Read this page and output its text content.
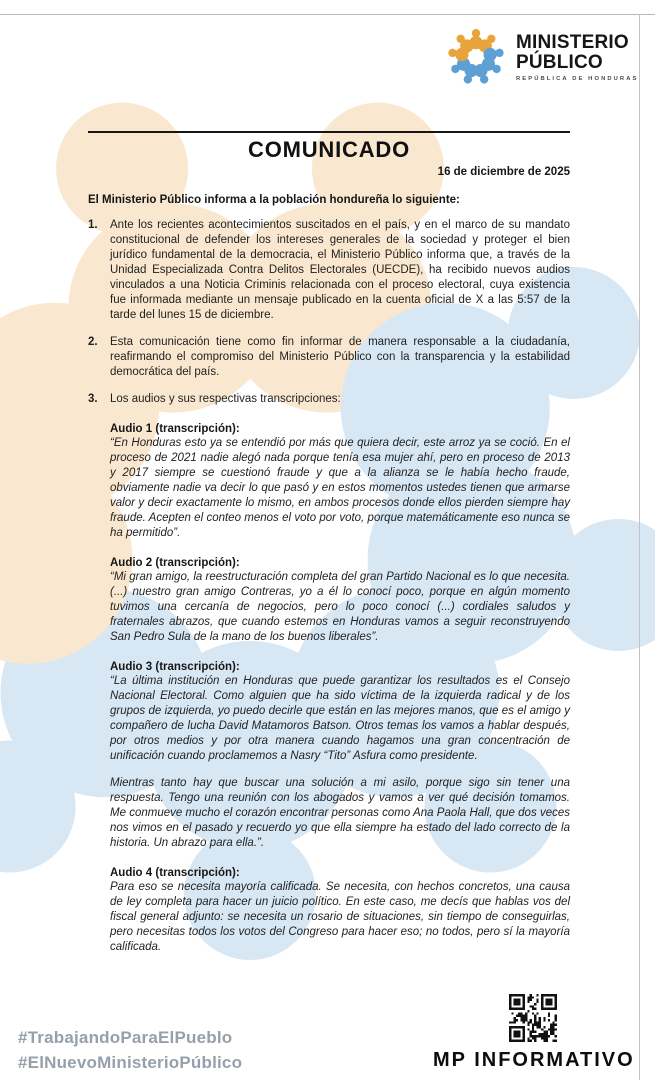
MINISTERIO
PÚBLICO
REPÚBLICA DE HONDURAS
COMUNICADO
16 de diciembre de 2025
El Ministerio Público informa a la población hondureña lo siguiente:
1.	Ante los recientes acontecimientos suscitados en el país, y en el marco de su mandato constitucional de defender los intereses generales de la sociedad y proteger el bien jurídico fundamental de la democracia, el Ministerio Público informa que, a través de la Unidad Especializada Contra Delitos Electorales (UECDE), ha recibido nuevos audios vinculados a una Noticia Criminis relacionada con el proceso electoral, cuya existencia fue informada mediante un mensaje publicado en la cuenta oficial de X a las 5:57 de la tarde del lunes 15 de diciembre.
2.	Esta comunicación tiene como fin informar de manera responsable a la ciudadanía, reafirmando el compromiso del Ministerio Público con la transparencia y la estabilidad democrática del país.
3.	Los audios y sus respectivas transcripciones:
Audio 1 (transcripción):

“En Honduras esto ya se entendió por más que quiera decir, este arroz ya se coció. En el proceso de 2021 nadie alegó nada porque tenía esa mujer ahí, pero en proceso de 2013 y 2017 siempre se cuestionó fraude y que a la alianza se le había hecho fraude, obviamente nadie va decir lo que pasó y en estos momentos ustedes tienen que armarse valor y decir exactamente lo mismo, en ambos procesos donde ellos pierden siempre hay fraude. Acepten el conteo menos el voto por voto, porque matemáticamente eso nunca se ha permitido”.

Audio 2 (transcripción):

“Mi gran amigo, la reestructuración completa del gran Partido Nacional es lo que necesita. (...) nuestro gran amigo Contreras, yo a él lo conocí poco, porque en algún momento tuvimos una cercanía de negocios, pero lo poco conocí (...) cordiales saludos y fraternales abrazos, que cuando estemos en Honduras vamos a seguir reconstruyendo San Pedro Sula de la mano de los buenos liberales”.

Audio 3 (transcripción):

“La última institución en Honduras que puede garantizar los resultados es el Consejo Nacional Electoral. Como alguien que ha sido víctima de la izquierda radical y de los grupos de izquierda, yo puedo decirle que están en las mejores manos, que es el amigo y compañero de lucha David Matamoros Batson. Otros temas los vamos a hablar después, por otros medios y por otra manera cuando hagamos una gran concentración de unificación cuando proclamemos a Nasry “Tito” Asfura como presidente.

Mientras tanto hay que buscar una solución a mi asilo, porque sigo sin tener una respuesta. Tengo una reunión con los abogados y vamos a ver qué decisión tomamos. Me conmueve mucho el corazón encontrar personas como Ana Paola Hall, que dos veces nos vimos en el pasado y recuerdo yo que ella siempre ha estado del lado correcto de la historia. Un abrazo para ella.”.

Audio 4 (transcripción):

Para eso se necesita mayoría calificada. Se necesita, con hechos concretos, una causa de ley completa para hacer un juicio político. En este caso, me decís que hablas vos del fiscal general adjunto: se necesita un rosario de situaciones, sin tiempo de conseguirlas, pero necesitas todos los votos del Congreso para hacer eso; no todos, pero sí la mayoría calificada.

#TrabajandoParaElPueblo
#ElNuevoMinisterioPúblico	MP INFORMATIVO
